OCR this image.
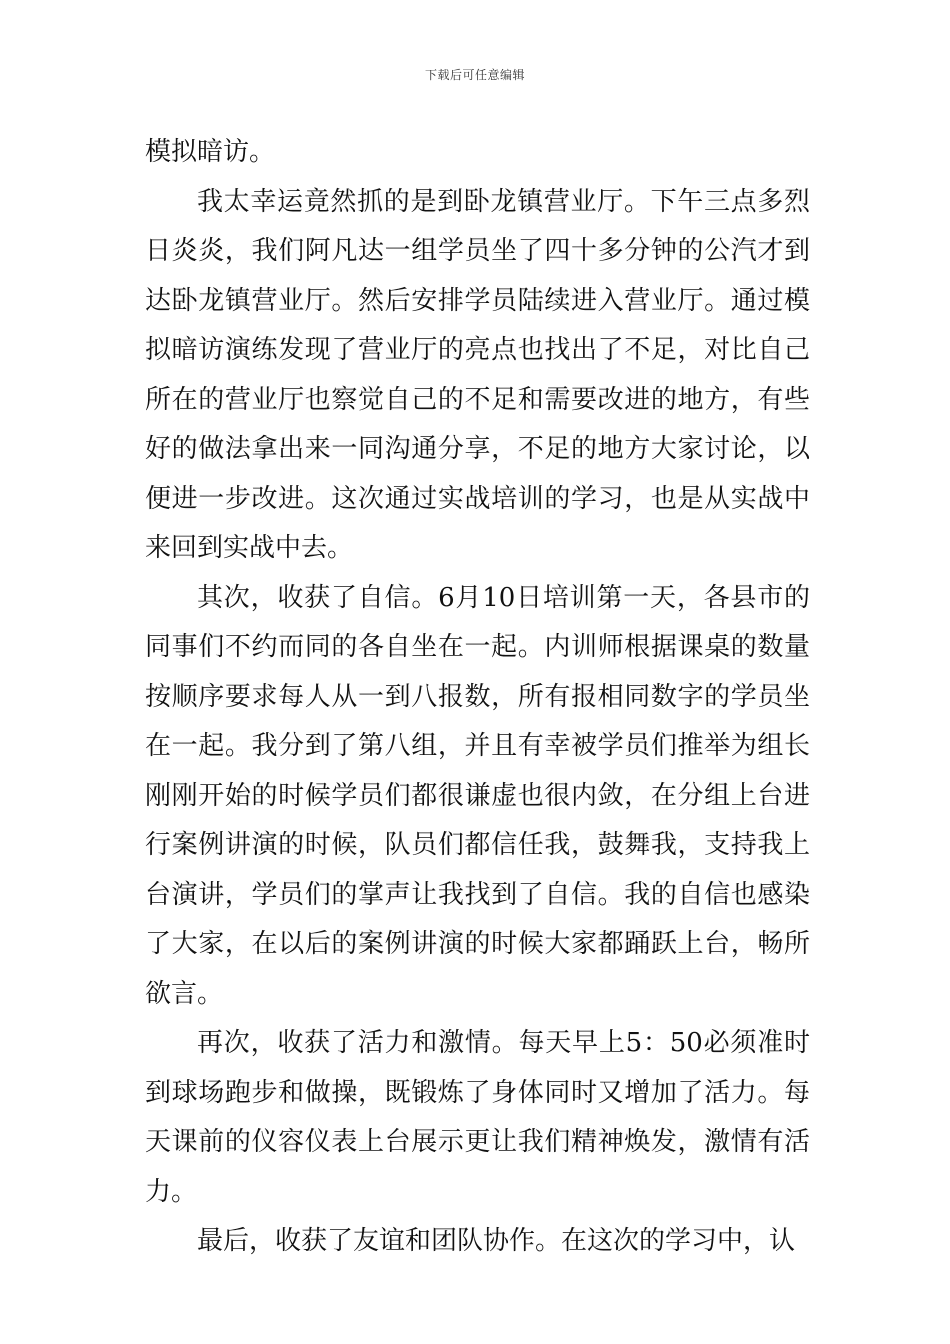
下载后可任意编辑

模拟暗访。

我太幸运竟然抓的是到卧龙镇营业厅。下午三点多烈日炎炎，我们阿凡达一组学员坐了四十多分钟的公汽才到达卧龙镇营业厅。然后安排学员陆续进入营业厅。通过模拟暗访演练发现了营业厅的亮点也找出了不足，对比自己所在的营业厅也察觉自己的不足和需要改进的地方，有些好的做法拿出来一同沟通分享，不足的地方大家讨论，以便进一步改进。这次通过实战培训的学习，也是从实战中来回到实战中去。

其次，收获了自信。6月10日培训第一天，各县市的同事们不约而同的各自坐在一起。内训师根据课桌的数量按顺序要求每人从一到八报数，所有报相同数字的学员坐在一起。我分到了第八组，并且有幸被学员们推举为组长刚刚开始的时候学员们都很谦虚也很内敛，在分组上台进行案例讲演的时候，队员们都信任我，鼓舞我，支持我上台演讲，学员们的掌声让我找到了自信。我的自信也感染了大家，在以后的案例讲演的时候大家都踊跃上台，畅所欲言。

再次，收获了活力和激情。每天早上5：50必须准时到球场跑步和做操，既锻炼了身体同时又增加了活力。每天课前的仪容仪表上台展示更让我们精神焕发，激情有活力。

最后，收获了友谊和团队协作。在这次的学习中，认
